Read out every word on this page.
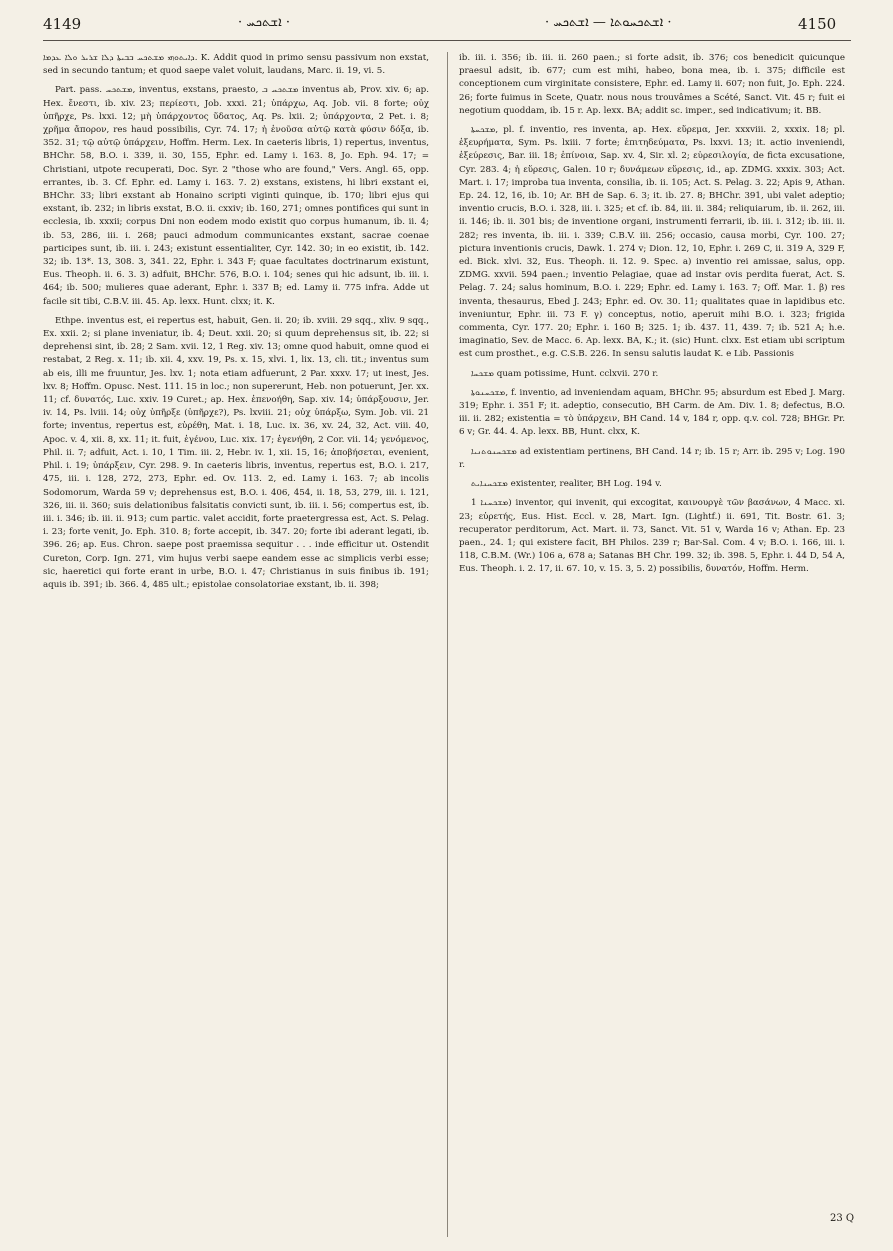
4149	· ܐܫܬܟܚ ·	· ܐܫܬܟܚܘܬܐ — ܐܫܬܟܚ ·	4150

ܕܐܝܬܘܗܝ ܡܫܬܟܚ ܒܒܝܬܐ ܕܠܐ ܫܪܝܪ ܘܠܐ ܥܕܡܐ. K. Addit quod in primo sensu passivum non exstat, sed in secundo tantum; et quod saepe valet voluit, laudans, Marc. ii. 19, vi. 5.

Part. pass. ܡܫܬܟܚ, inventus, exstans, praesto, ܡܫܬܟܚ ܒ inventus ab, Prov. xiv. 6; ap. Hex. ἔνεστι, ib. xiv. 23; περίεστι, Job. xxxi. 21; ὑπάρχω, Aq. Job. vii. 8 forte; οὐχ ὑπῆρχε, Ps. lxxi. 12; μὴ ὑπάρχοντος ὕδατος, Aq. Ps. lxii. 2; ὑπάρχοντα, 2 Pet. i. 8; χρῆμα ἄπορον, res haud possibilis, Cyr. 74. 17; ἡ ἐνοῦσα αὐτῷ κατὰ φύσιν δόξα, ib. 352. 31; τῷ αὐτῷ ὑπάρχειν, Hoffm. Herm. Lex. In caeteris libris, 1) repertus, inventus, BHChr. 58, B.O. i. 339, ii. 30, 155, Ephr. ed. Lamy i. 163. 8, Jo. Eph. 94. 17; = Christiani, utpote recuperati, Doc. Syr. 2 "those who are found," Vers. Angl. 65, opp. errantes, ib. 3. Cf. Ephr. ed. Lamy i. 163. 7. 2) exstans, existens, hi libri exstant ei, BHChr. 33; libri exstant ab Honaino scripti viginti quinque, ib. 170; libri ejus qui exstant, ib. 232; in libris exstat, B.O. ii. cxxiv; ib. 160, 271; omnes pontifices qui sunt in ecclesia, ib. xxxii; corpus Dni non eodem modo existit quo corpus humanum, ib. ii. 4; ib. 53, 286, iii. i. 268; pauci admodum communicantes exstant, sacrae coenae participes sunt, ib. iii. i. 243; existunt essentialiter, Cyr. 142. 30; in eo existit, ib. 142. 32; ib. 13*. 13, 308. 3, 341. 22, Ephr. i. 343 F; quae facultates doctrinarum existunt, Eus. Theoph. ii. 6. 3. 3) adfuit, BHChr. 576, B.O. i. 104; senes qui hic adsunt, ib. iii. i. 464; ib. 500; mulieres quae aderant, Ephr. i. 337 B; ed. Lamy ii. 775 infra. Adde ut facile sit tibi, C.B.V. iii. 45. Ap. lexx. Hunt. clxx; it. K.

Ethpe. inventus est, ei repertus est, habuit, Gen. ii. 20; ib. xviii. 29 sqq., xliv. 9 sqq., Ex. xxii. 2; si plane inveniatur, ib. 4; Deut. xxii. 20; si quum deprehensus sit, ib. 22; si deprehensi sint, ib. 28; 2 Sam. xvii. 12, 1 Reg. xiv. 13; omne quod habuit, omne quod ei restabat, 2 Reg. x. 11; ib. xii. 4, xxv. 19, Ps. x. 15, xlvi. 1, lix. 13, cli. tit.; inventus sum ab eis, illi me fruuntur, Jes. lxv. 1; nota etiam adfuerunt, 2 Par. xxxv. 17; ut inest, Jes. lxv. 8; Hoffm. Opusc. Nest. 111. 15 in loc.; non supererunt, Heb. non potuerunt, Jer. xx. 11; cf. δυνατός, Luc. xxiv. 19 Curet.; ap. Hex. ἐπενοήθη, Sap. xiv. 14; ὑπάρξουσιν, Jer. iv. 14, Ps. lviii. 14; οὐχ ὑπῆρξε (ὑπῆρχε?), Ps. lxviii. 21; οὐχ ὑπάρξω, Sym. Job. vii. 21 forte; inventus, repertus est, εὑρέθη, Mat. i. 18, Luc. ix. 36, xv. 24, 32, Act. viii. 40, Apoc. v. 4, xii. 8, xx. 11; it. fuit, ἐγένου, Luc. xix. 17; ἐγενήθη, 2 Cor. vii. 14; γενόμενος, Phil. ii. 7; adfuit, Act. i. 10, 1 Tim. iii. 2, Hebr. iv. 1, xii. 15, 16; ἀποβήσεται, evenient, Phil. i. 19; ὑπάρξειν, Cyr. 298. 9. In caeteris libris, inventus, repertus est, B.O. i. 217, 475, iii. i. 128, 272, 273, Ephr. ed. Ov. 113. 2, ed. Lamy i. 163. 7; ab incolis Sodomorum, Warda 59 v; deprehensus est, B.O. i. 406, 454, ii. 18, 53, 279, iii. i. 121, 326, iii. ii. 360; suis delationibus falsitatis convicti sunt, ib. iii. i. 56; compertus est, ib. iii. i. 346; ib. iii. ii. 913; cum partic. valet accidit, forte praetergressa est, Act. S. Pelag. i. 23; forte venit, Jo. Eph. 310. 8; forte accepit, ib. 347. 20; forte ibi aderant legati, ib. 396. 26; ap. Eus. Chron. saepe post praemissa sequitur . . . inde efficitur ut. Ostendit Cureton, Corp. Ign. 271, vim hujus verbi saepe eandem esse ac simplicis verbi esse; sic, haeretici qui forte erant in urbe, B.O. i. 47; Christianus in suis finibus ib. 191; aquis ib. 391; ib. 366. 4, 485 ult.; epistolae consolatoriae exstant, ib. ii. 398;

ib. iii. i. 356; ib. iii. ii. 260 paen.; si forte adsit, ib. 376; cos benedicit quicunque praesul adsit, ib. 677; cum est mihi, habeo, bona mea, ib. i. 375; difficile est conceptionem cum virginitate consistere, Ephr. ed. Lamy ii. 607; non fuit, Jo. Eph. 224. 26; forte fuimus in Scete, Quatr. nous nous trouvâmes a Scété, Sanct. Vit. 45 r; fuit ei negotium quoddam, ib. 15 r. Ap. lexx. BA; addit sc. imper., sed indicativum; it. BB.

ܡܫܟܚܬܐ, pl. f. inventio, res inventa, ap. Hex. εὕρεμα, Jer. xxxviii. 2, xxxix. 18; pl. ἐξευρήματα, Sym. Ps. lxiii. 7 forte; ἐπιτηδεύματα, Ps. lxxvi. 13; it. actio inveniendi, ἐξεύρεσις, Bar. iii. 18; ἐπίνοια, Sap. xv. 4, Sir. xl. 2; εὑρεσιλογία, de ficta excusatione, Cyr. 283. 4; ἡ εὕρεσις, Galen. 10 r; δυνάμεων εὕρεσις, id., ap. ZDMG. xxxix. 303; Act. Mart. i. 17; improba tua inventa, consilia, ib. ii. 105; Act. S. Pelag. 3. 22; Apis 9, Athan. Ep. 24. 12, 16, ib. 10; Ar. BH de Sap. 6. 3; it. ib. 27. 8; BHChr. 391, ubi valet adeptio; inventio crucis, B.O. i. 328, iii. i. 325; et cf. ib. 84, iii. ii. 384; reliquiarum, ib. ii. 262, iii. ii. 146; ib. ii. 301 bis; de inventione organi, instrumenti ferrarii, ib. iii. i. 312; ib. iii. ii. 282; res inventa, ib. iii. i. 339; C.B.V. iii. 256; occasio, causa morbi, Cyr. 100. 27; pictura inventionis crucis, Dawk. 1. 274 v; Dion. 12, 10, Ephr. i. 269 C, ii. 319 A, 329 F, ed. Bick. xlvi. 32, Eus. Theoph. ii. 12. 9. Spec. a) inventio rei amissae, salus, opp. ZDMG. xxvii. 594 paen.; inventio Pelagiae, quae ad instar ovis perdita fuerat, Act. S. Pelag. 7. 24; salus hominum, B.O. i. 229; Ephr. ed. Lamy i. 163. 7; Off. Mar. 1. β) res inventa, thesaurus, Ebed J. 243; Ephr. ed. Ov. 30. 11; qualitates quae in lapidibus etc. inveniuntur, Ephr. iii. 73 F. γ) conceptus, notio, aperuit mihi B.O. i. 323; frigida commenta, Cyr. 177. 20; Ephr. i. 160 B; 325. 1; ib. 437. 11, 439. 7; ib. 521 A; h.e. imaginatio, Sev. de Macc. 6. Ap. lexx. BA, K.; it. (sic) Hunt. clxx. Est etiam ubi scriptum est cum prosthet., e.g. C.S.B. 226. In sensu salutis laudat K. e Lib. Passionis

ܡܫܟܚܐ quam potissime, Hunt. cclxvii. 270 r.

ܡܫܟܚܢܘܬܐ, f. inventio, ad inveniendam aquam, BHChr. 95; absurdum est Ebed J. Marg. 319; Ephr. i. 351 F; it. adeptio, consecutio, BH Carm. de Am. Div. 1. 8; defectus, B.O. iii. ii. 282; existentia = τὸ ὑπάρχειν, BH Cand. 14 v, 184 r, opp. q.v. col. 728; BHGr. Pr. 6 v; Gr. 44. 4. Ap. lexx. BB, Hunt. clxx, K.

ܡܫܟܚܢܘܬܢܝܐ ad existentiam pertinens, BH Cand. 14 r; ib. 15 r; Arr. ib. 295 v; Log. 190 r.

ܡܫܟܚܢܐܝܬ existenter, realiter, BH Log. 194 v.

ܡܫܟܚܢܐ 1) inventor, qui invenit, qui excogitat, καινουργὲ τῶν βασάνων, 4 Macc. xi. 23; εὑρετής, Eus. Hist. Eccl. v. 28, Mart. Ign. (Lightf.) ii. 691, Tit. Bostr. 61. 3; recuperator perditorum, Act. Mart. ii. 73, Sanct. Vit. 51 v, Warda 16 v; Athan. Ep. 23 paen., 24. 1; qui existere facit, BH Philos. 239 r; Bar-Sal. Com. 4 v; B.O. i. 166, iii. i. 118, C.B.M. (Wr.) 106 a, 678 a; Satanas BH Chr. 199. 32; ib. 398. 5, Ephr. i. 44 D, 54 A, Eus. Theoph. i. 2. 17, ii. 67. 10, v. 15. 3, 5. 2) possibilis, δυνατόν, Hoffm. Herm.

23 Q
